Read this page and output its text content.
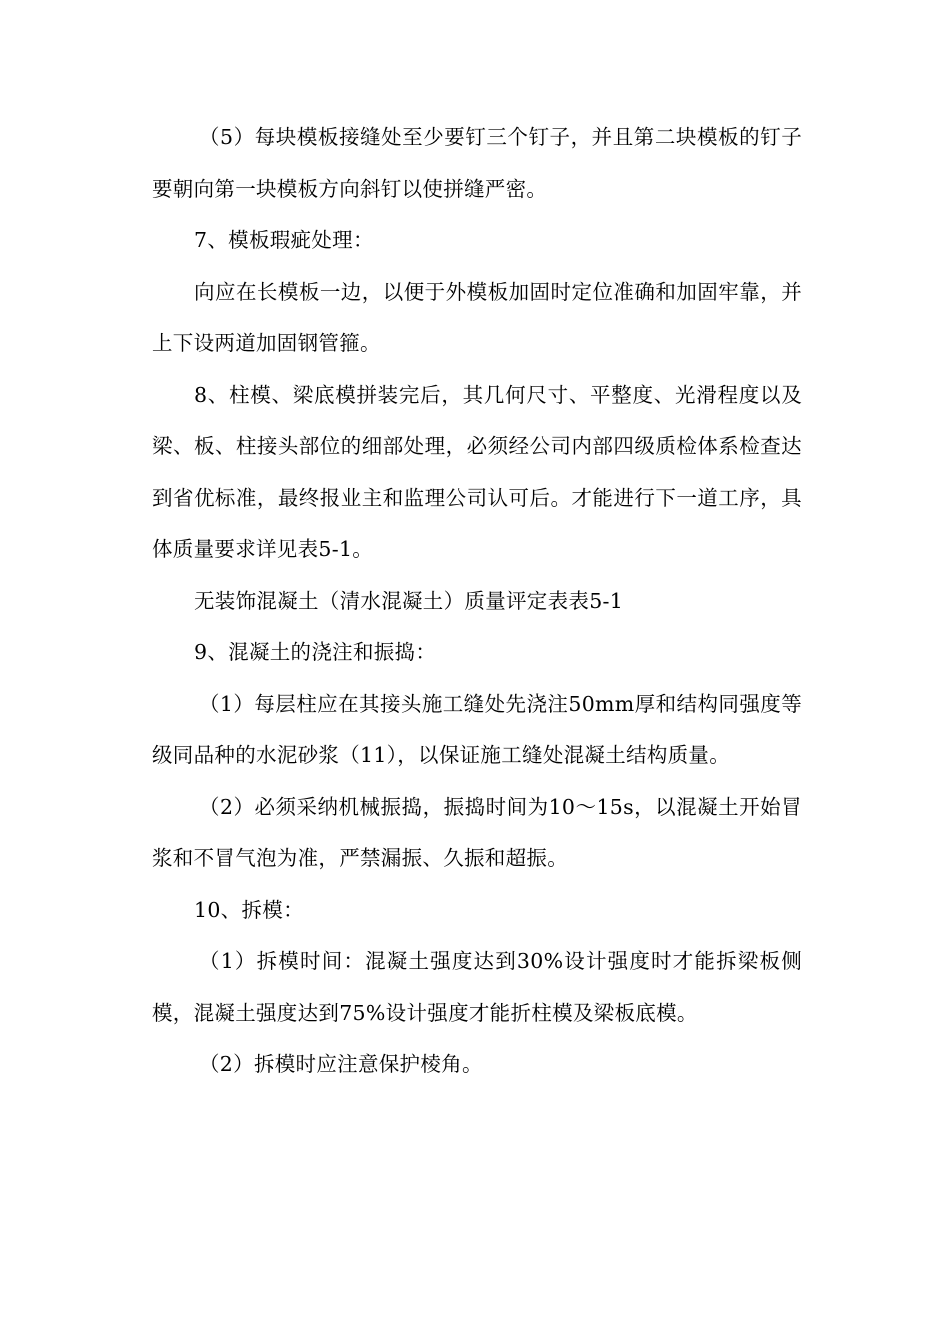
（5）每块模板接缝处至少要钉三个钉子，并且第二块模板的钉子要朝向第一块模板方向斜钉以使拼缝严密。

7、模板瑕疵处理：

向应在长模板一边，以便于外模板加固时定位准确和加固牢靠，并上下设两道加固钢管箍。

8、柱模、梁底模拼装完后，其几何尺寸、平整度、光滑程度以及梁、板、柱接头部位的细部处理，必须经公司内部四级质检体系检查达到省优标准，最终报业主和监理公司认可后。才能进行下一道工序，具体质量要求详见表5-1。

无装饰混凝土（清水混凝土）质量评定表表5-1

9、混凝土的浇注和振捣：

（1）每层柱应在其接头施工缝处先浇注50mm厚和结构同强度等级同品种的水泥砂浆（11），以保证施工缝处混凝土结构质量。

（2）必须采纳机械振捣，振捣时间为10～15s，以混凝土开始冒浆和不冒气泡为准，严禁漏振、久振和超振。

10、拆模：

（1）拆模时间：混凝土强度达到30%设计强度时才能拆梁板侧模，混凝土强度达到75%设计强度才能折柱模及梁板底模。

（2）拆模时应注意保护棱角。
